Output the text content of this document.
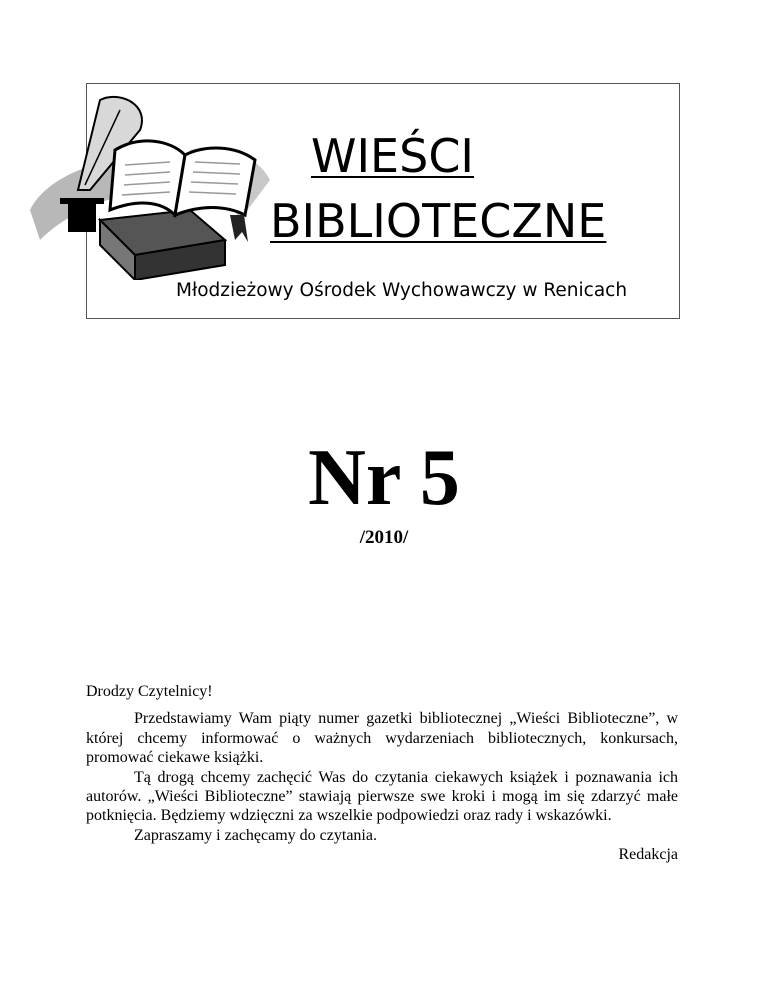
WIEŚCI
BIBLIOTECZNE
Młodzieżowy Ośrodek Wychowawczy w Renicach
Nr 5
/2010/

Drodzy Czytelnicy!

Przedstawiamy Wam piąty numer gazetki bibliotecznej „Wieści Biblioteczne”, w której chcemy informować o ważnych wydarzeniach bibliotecznych, konkursach, promować ciekawe książki.

Tą drogą chcemy zachęcić Was do czytania ciekawych książek i poznawania ich autorów. „Wieści Biblioteczne” stawiają pierwsze swe kroki i mogą im się zdarzyć małe potknięcia. Będziemy wdzięczni za wszelkie podpowiedzi oraz rady i wskazówki.

Zapraszamy i zachęcamy do czytania.

Redakcja
